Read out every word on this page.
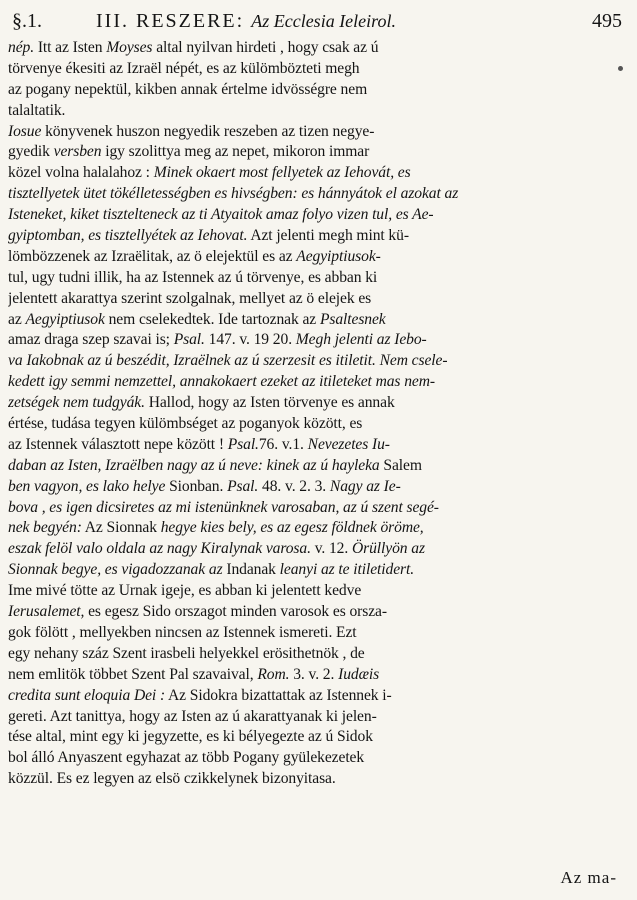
§.1.	III. RESZERE: Az Ecclesia Ieleirol.	495
nép. Itt az Isten Moyses altal nyilvan hirdeti , hogy csak az ú
törvenye ékesiti az Izraël népét, es az külömbözteti megh
az pogany nepektül, kikben annak értelme idvösségre nem
talaltatik.
Iosue könyvenek huszon negyedik reszeben az tizen negye-
gyedik versben igy szolittya meg az nepet, mikoron immar
közel volna halalahoz : Minek okaert most fellyetek az Iehovát, es
tisztellyetek ütet tökélletességben es hivségben: es hánnyátok el azokat az
Isteneket, kiket tisztelteneck az ti Atyaitok amaz folyo vizen tul, es Ae-
gyiptomban, es tisztellyétek az Iehovat. Azt jelenti megh mint kü-
lömbözzenek az Izraëlitak, az ö elejektül es az Aegyiptiusok-
tul, ugy tudni illik, ha az Istennek az ú törvenye, es abban ki
jelentett akarattya szerint szolgalnak, mellyet az ö elejek es
az Aegyiptiusok nem cselekedtek. Ide tartoznak az Psaltesnek
amaz draga szep szavai is; Psal. 147. v. 19 20. Megh jelenti az Iebo-
va Iakobnak az ú beszédit, Izraëlnek az ú szerzesit es itiletit. Nem csele-
kedett igy semmi nemzettel, annakokaert ezeket az itileteket mas nem-
zetségek nem tudgyák. Hallod, hogy az Isten törvenye es annak
értése, tudása tegyen külömbséget az poganyok között, es
az Istennek választott nepe között ! Psal.76. v.1. Nevezetes Iu-
daban az Isten, Izraëlben nagy az ú neve: kinek az ú hayleka Salem
ben vagyon, es lako helye Sionban. Psal. 48. v. 2. 3. Nagy az Ie-
bova , es igen dicsiretes az mi istenünknek varosaban, az ú szent segé-
nek begyén: Az Sionnak hegye kies bely, es az egesz földnek öröme,
eszak felöl valo oldala az nagy Kiralynak varosa. v. 12. Örüllyön az
Sionnak begye, es vigadozzanak az Indanak leanyi az te itiletidert.
Ime mivé tötte az Urnak igeje, es abban ki jelentett kedve
Ierusalemet, es egesz Sido orszagot minden varosok es orsza-
gok fölött , mellyekben nincsen az Istennek ismereti. Ezt
egy nehany száz Szent irasbeli helyekkel erösithetnök , de
nem emlitök többet Szent Pal szavaival, Rom. 3. v. 2. Iudæis
credita sunt eloquia Dei : Az Sidokra bizattattak az Istennek i-
gereti. Azt tanittya, hogy az Isten az ú akarattyanak ki jelen-
tése altal, mint egy ki jegyzette, es ki bélyegezte az ú Sidok
bol álló Anyaszent egyhazat az több Pogany gyülekezetek
közzül. Es ez legyen az elsö czikkelynek bizonyitasa.
Az ma-
